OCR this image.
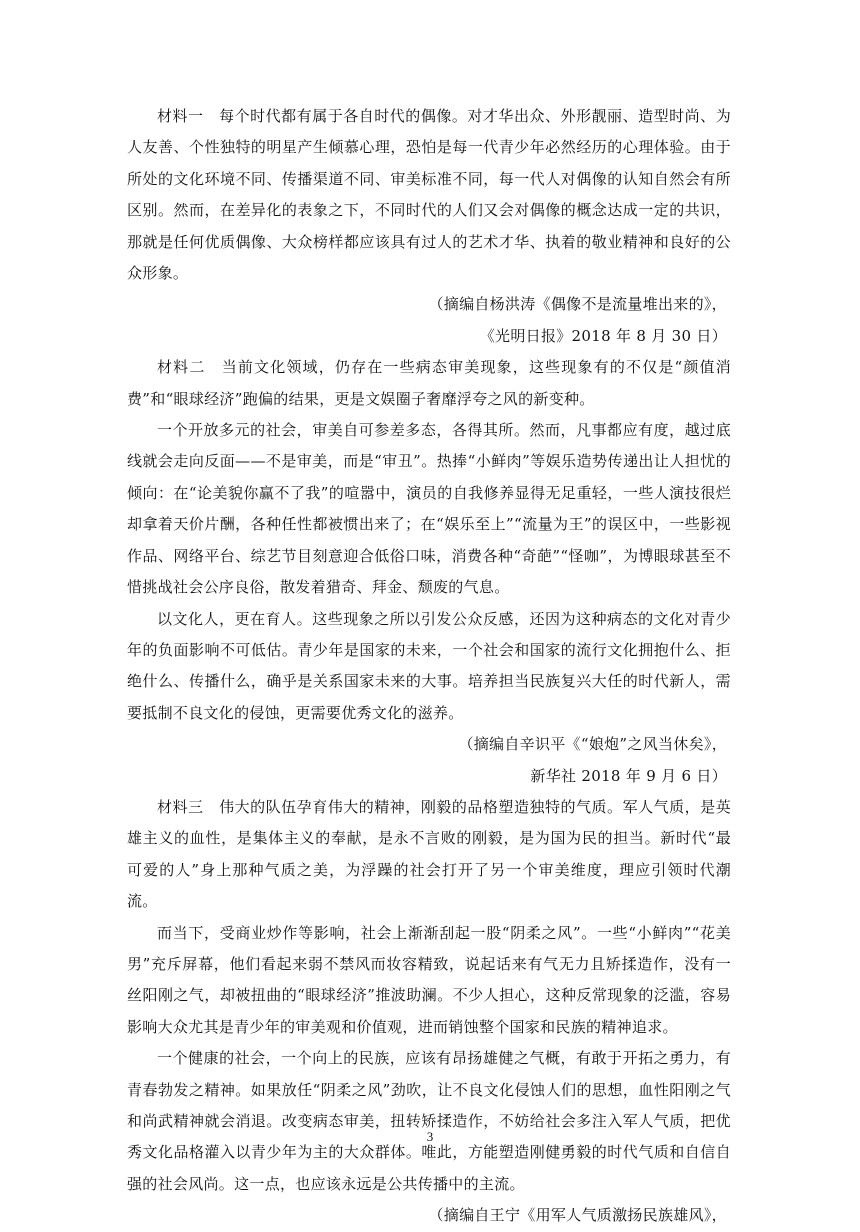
材料一　每个时代都有属于各自时代的偶像。对才华出众、外形靓丽、造型时尚、为人友善、个性独特的明星产生倾慕心理，恐怕是每一代青少年必然经历的心理体验。由于所处的文化环境不同、传播渠道不同、审美标准不同，每一代人对偶像的认知自然会有所区别。然而，在差异化的表象之下，不同时代的人们又会对偶像的概念达成一定的共识，那就是任何优质偶像、大众榜样都应该具有过人的艺术才华、执着的敬业精神和良好的公众形象。

（摘编自杨洪涛《偶像不是流量堆出来的》，

《光明日报》2018 年 8 月 30 日）

材料二　当前文化领域，仍存在一些病态审美现象，这些现象有的不仅是“颜值消费”和“眼球经济”跑偏的结果，更是文娱圈子奢靡浮夸之风的新变种。

一个开放多元的社会，审美自可参差多态，各得其所。然而，凡事都应有度，越过底线就会走向反面——不是审美，而是“审丑”。热捧“小鲜肉”等娱乐造势传递出让人担忧的倾向：在“论美貌你赢不了我”的喧嚣中，演员的自我修养显得无足重轻，一些人演技很烂却拿着天价片酬，各种任性都被惯出来了；在“娱乐至上”“流量为王”的误区中，一些影视作品、网络平台、综艺节目刻意迎合低俗口味，消费各种“奇葩”“怪咖”，为博眼球甚至不惜挑战社会公序良俗，散发着猎奇、拜金、颓废的气息。

以文化人，更在育人。这些现象之所以引发公众反感，还因为这种病态的文化对青少年的负面影响不可低估。青少年是国家的未来，一个社会和国家的流行文化拥抱什么、拒绝什么、传播什么，确乎是关系国家未来的大事。培养担当民族复兴大任的时代新人，需要抵制不良文化的侵蚀，更需要优秀文化的滋养。

（摘编自辛识平《“娘炮”之风当休矣》，

新华社 2018 年 9 月 6 日）

材料三　伟大的队伍孕育伟大的精神，刚毅的品格塑造独特的气质。军人气质，是英雄主义的血性，是集体主义的奉献，是永不言败的刚毅，是为国为民的担当。新时代“最可爱的人”身上那种气质之美，为浮躁的社会打开了另一个审美维度，理应引领时代潮流。

而当下，受商业炒作等影响，社会上渐渐刮起一股“阴柔之风”。一些“小鲜肉”“花美男”充斥屏幕，他们看起来弱不禁风而妆容精致，说起话来有气无力且矫揉造作，没有一丝阳刚之气，却被扭曲的“眼球经济”推波助澜。不少人担心，这种反常现象的泛滥，容易影响大众尤其是青少年的审美观和价值观，进而销蚀整个国家和民族的精神追求。

一个健康的社会，一个向上的民族，应该有昂扬雄健之气概，有敢于开拓之勇力，有青春勃发之精神。如果放任“阴柔之风”劲吹，让不良文化侵蚀人们的思想，血性阳刚之气和尚武精神就会消退。改变病态审美，扭转矫揉造作，不妨给社会多注入军人气质，把优秀文化品格灌入以青少年为主的大众群体。唯此，方能塑造刚健勇毅的时代气质和自信自强的社会风尚。这一点，也应该永远是公共传播中的主流。

（摘编自王宁《用军人气质激扬民族雄风》，

3
